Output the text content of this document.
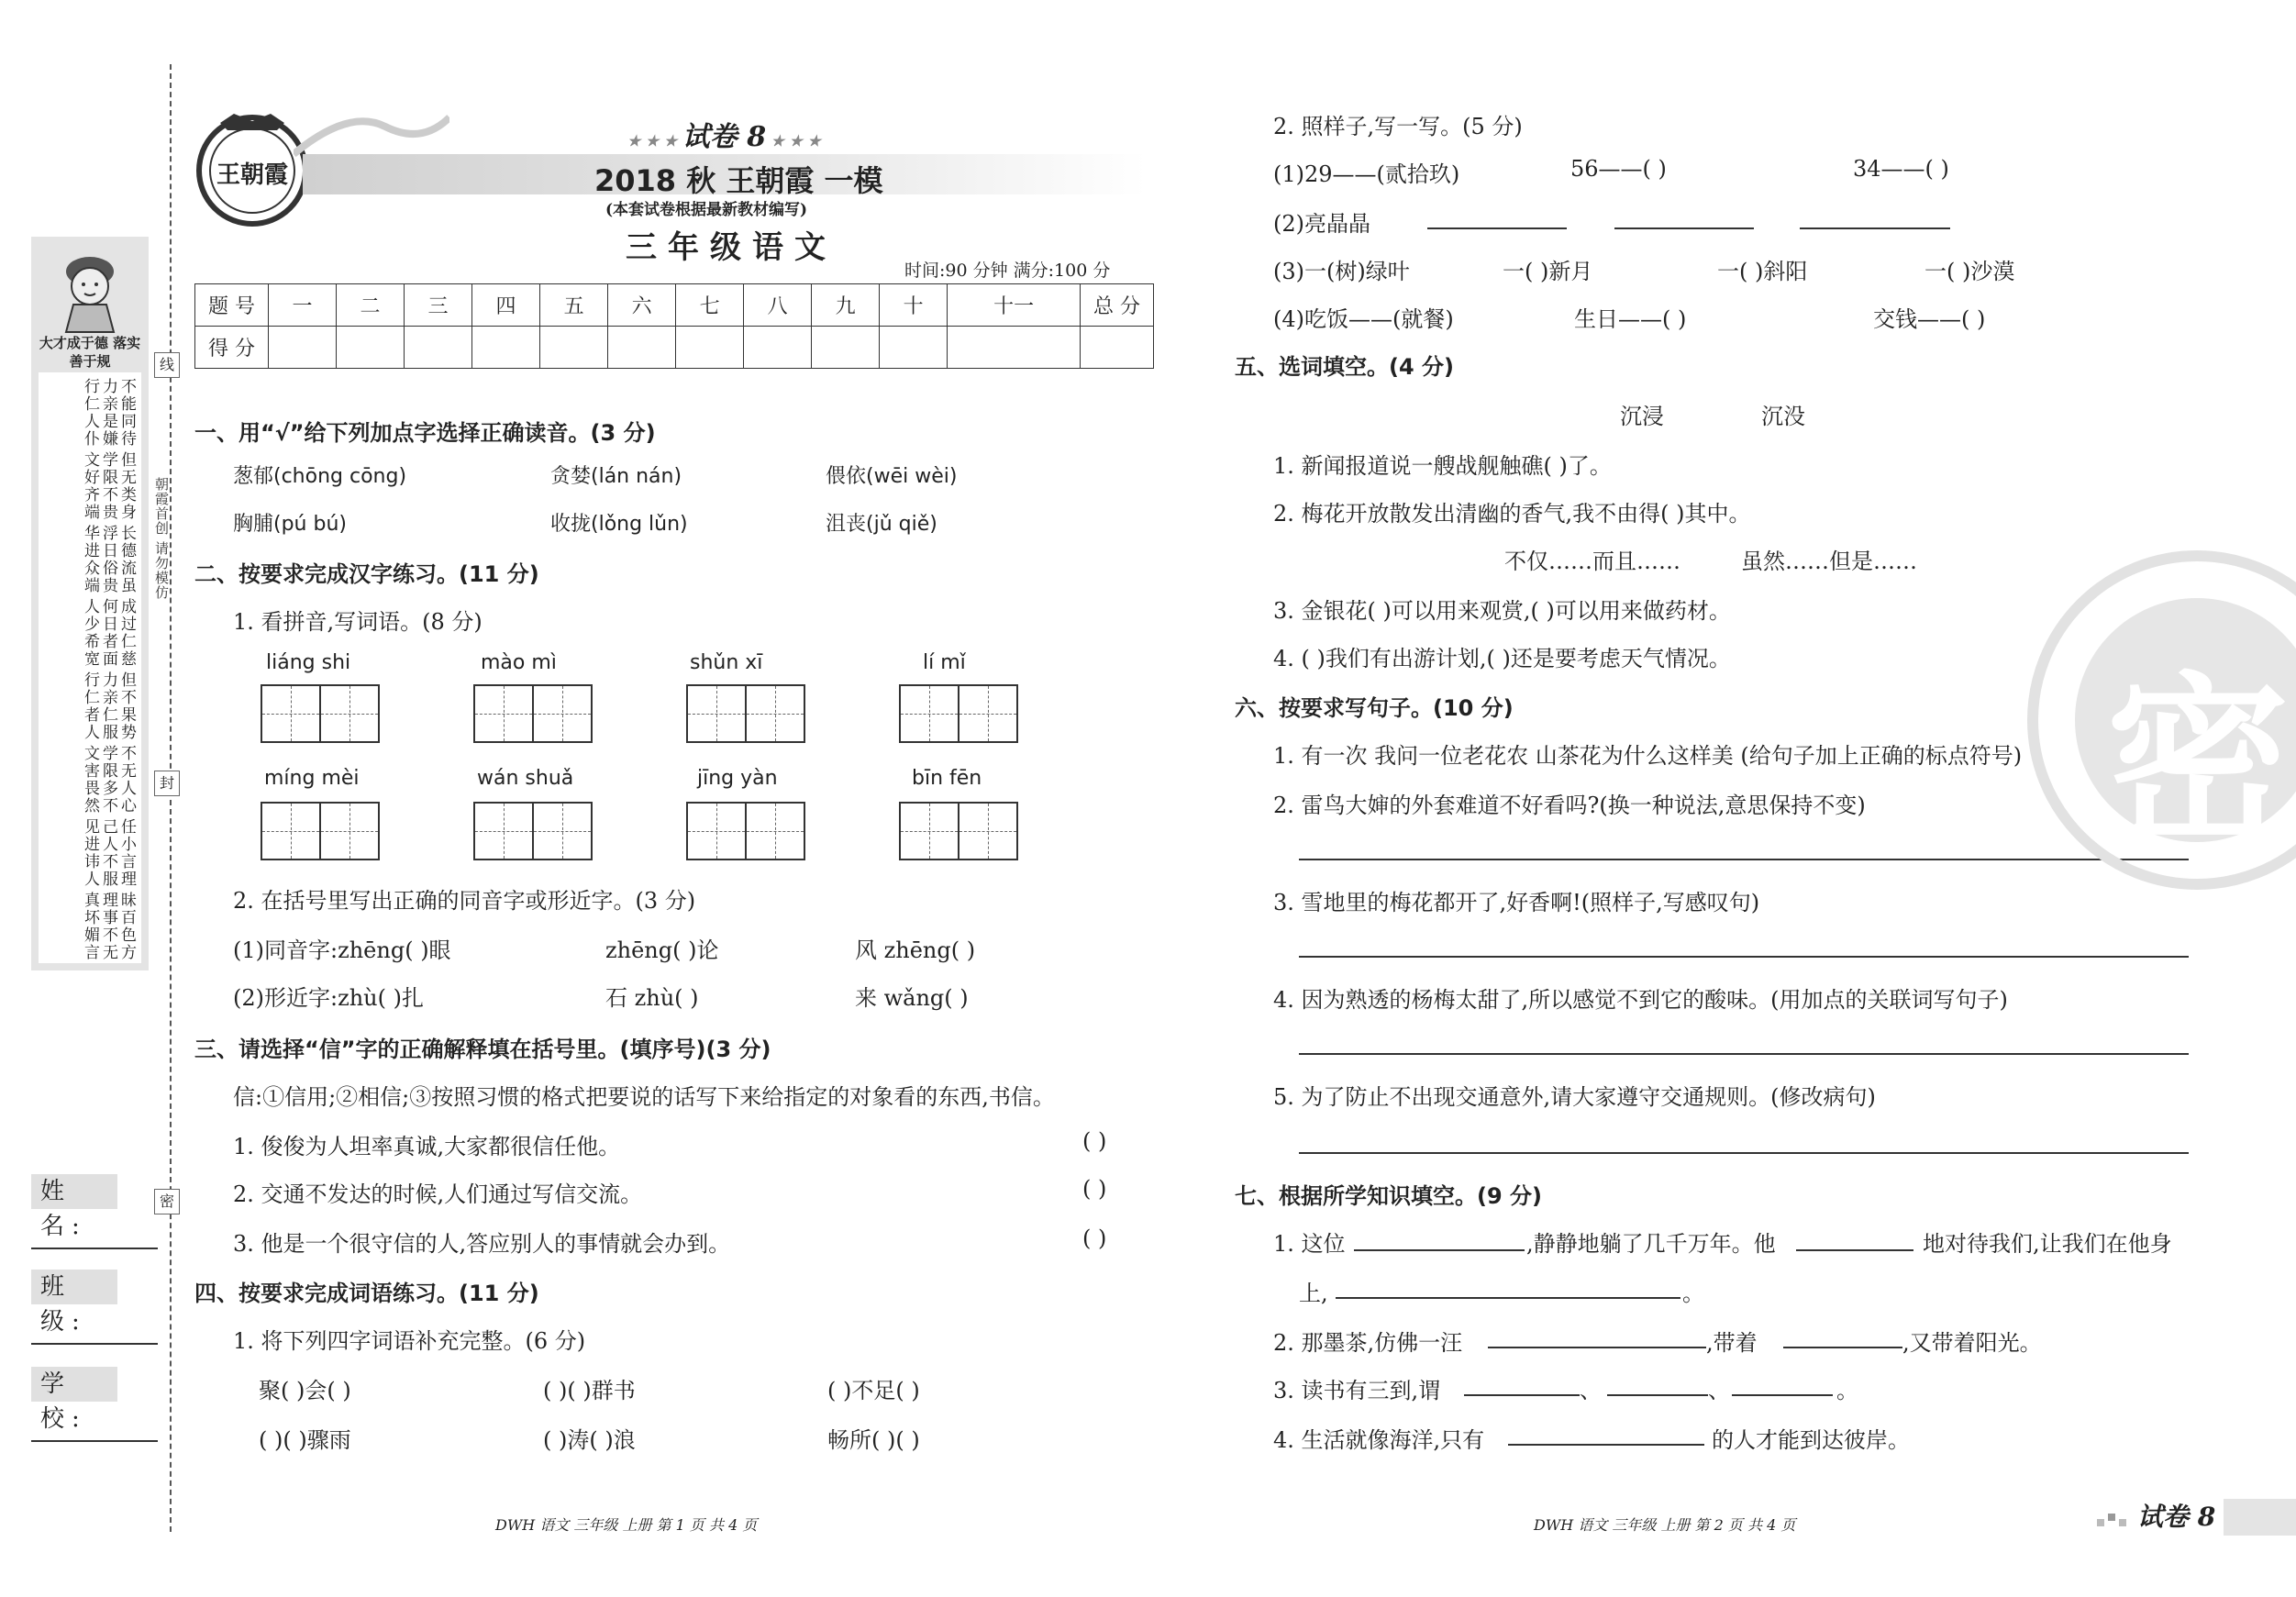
大才成于德 落实善于规
不能同待
力亲是嫌
行仁人仆
但无类身
学限不贵
文好齐端
长德流虽
浮日俗贵
华进众端
成过仁慈
何日者面
人少希宽
但不果势
力亲仁服
行仁者人
不无人心
学限多不
文害畏然
任小言理
己人不服
见进讳人
昧百色方
理事不无
真坏媚言
线
朝霞首创 请勿模仿
封
密
姓 名:
班 级:
学 校:
王朝霞
★ ★ ★ 试卷 8 ★ ★ ★
2018 秋 王朝霞 一模
(本套试卷根据最新教材编写)
三年级语文
时间:90 分钟 满分:100 分
题 号	一	二	三	四	五	六	七	八	九	十	十一	总 分
得 分												
一、用“√”给下列加点字选择正确读音。(3 分)
葱郁(chōng cōng)	贪婪(lán nán)	偎依(wēi wèi)
胸脯(pú bú)	收拢(lǒng lǔn)	沮丧(jǔ qiě)
二、按要求完成汉字练习。(11 分)
1. 看拼音,写词语。(8 分)
liáng shi	mào mì	shǔn xī	lí mǐ
míng mèi	wán shuǎ	jīng yàn	bīn fēn
2. 在括号里写出正确的同音字或形近字。(3 分)
(1)同音字:zhēng( )眼	zhēng( )论	风 zhēng( )
(2)形近字:zhù( )扎	石 zhù( )	来 wǎng( )
三、请选择“信”字的正确解释填在括号里。(填序号)(3 分)
信:①信用;②相信;③按照习惯的格式把要说的话写下来给指定的对象看的东西,书信。
1. 俊俊为人坦率真诚,大家都很信任他。	( )
2. 交通不发达的时候,人们通过写信交流。	( )
3. 他是一个很守信的人,答应别人的事情就会办到。	( )
四、按要求完成词语练习。(11 分)
1. 将下列四字词语补充完整。(6 分)
聚( )会( )	( )( )群书	( )不足( )
( )( )骤雨	( )涛( )浪	畅所( )( )
DWH 语文 三年级 上册 第 1 页 共 4 页
2. 照样子,写一写。(5 分)
(1)29——(贰拾玖)	56——( )	34——( )
(2)亮晶晶
(3)一(树)绿叶	一( )新月	一( )斜阳	一( )沙漠
(4)吃饭——(就餐)	生日——( )	交钱——( )
五、选词填空。(4 分)
沉浸	沉没
1. 新闻报道说一艘战舰触礁( )了。
2. 梅花开放散发出清幽的香气,我不由得( )其中。
不仅……而且……	虽然……但是……
3. 金银花( )可以用来观赏,( )可以用来做药材。
4. ( )我们有出游计划,( )还是要考虑天气情况。
六、按要求写句子。(10 分)
1. 有一次 我问一位老花农 山茶花为什么这样美 (给句子加上正确的标点符号)
2. 雷鸟大婶的外套难道不好看吗?(换一种说法,意思保持不变)
3. 雪地里的梅花都开了,好香啊!(照样子,写感叹句)
4. 因为熟透的杨梅太甜了,所以感觉不到它的酸味。(用加点的关联词写句子)
5. 为了防止不出现交通意外,请大家遵守交通规则。(修改病句)
七、根据所学知识填空。(9 分)
1. 这位	,静静地躺了几千万年。他	地对待我们,让我们在他身
上,	。
2. 那墨茶,仿佛一汪	,带着	,又带着阳光。
3. 读书有三到,谓	、	、	。
4. 生活就像海洋,只有	的人才能到达彼岸。
DWH 语文 三年级 上册 第 2 页 共 4 页	试卷 8
密
